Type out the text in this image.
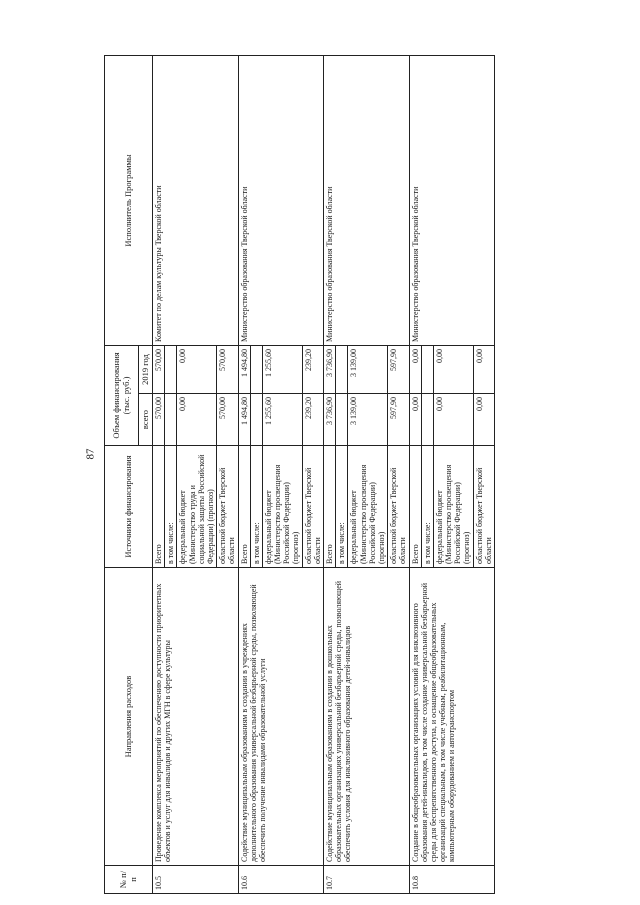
87
№ п/п	Направления расходов	Источники финансирования	Объем финансирования (тыс. руб.)		Исполнитель Программы
			всего	2019 год	
10.5	Проведение комплекса мероприятий по обеспечению доступности приоритетных объектов и услуг для инвалидов и других МГН в сфере культуры	Всего	570,00	570,00	Комитет по делам культуры Тверской области
		в том числе:			
		федеральный бюджет (Министерство труда и социальной защиты Российской Федерации) (прогноз)	0,00	0,00	
		областной бюджет Тверской области	570,00	570,00	
10.6	Содействие муниципальным образованиям в создании в учреждениях дополнительного образования универсальной безбарьерной среды, позволяющей обеспечить получение инвалидами образовательной услуги	Всего	1 494,80	1 494,80	Министерство образования Тверской области
		в том числе:			
		федеральный бюджет (Министерство просвещения Российской Федерации) (прогноз)	1 255,60	1 255,60	
		областной бюджет Тверской области	239,20	239,20	
10.7	Содействие муниципальным образованиям в создании в дошкольных образовательных организациях универсальной безбарьерной среды, позволяющей обеспечить условия для инклюзивного образования детей-инвалидов	Всего	3 736,90	3 736,90	Министерство образования Тверской области
		в том числе:			
		федеральный бюджет (Министерство просвещения Российской Федерации) (прогноз)	3 139,00	3 139,00	
		областной бюджет Тверской области	597,90	597,90	
10.8	Создание в общеобразовательных организациях условий для инклюзивного образования детей-инвалидов, в том числе создание универсальной безбарьерной среды для беспрепятственного доступа, и оснащение общеобразовательных организаций специальным, в том числе учебным, реабилитационным, компьютерным оборудованием и автотранспортом	Всего	0,00	0,00	Министерство образования Тверской области
		в том числе:			
		федеральный бюджет (Министерство просвещения Российской Федерации) (прогноз)	0,00	0,00	
		областной бюджет Тверской области	0,00	0,00	
